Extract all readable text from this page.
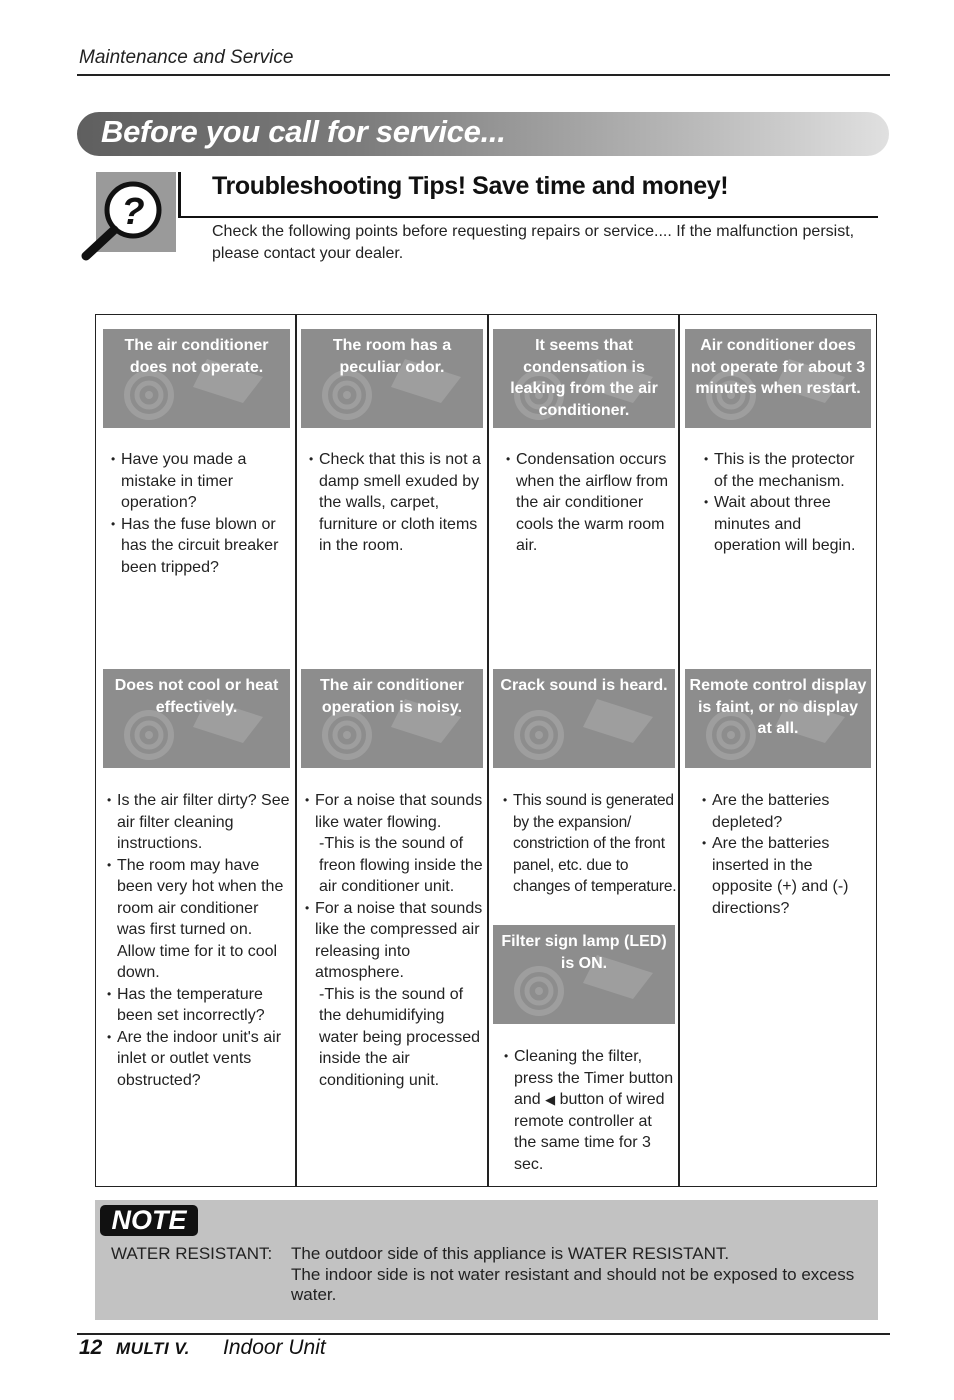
Maintenance and Service
Before you call for service...
?
Troubleshooting Tips! Save time and money!
Check the following points before requesting repairs or service.... If the malfunction persist, please contact your dealer.
The air conditioner does not operate.
The room has a peculiar odor.
It seems that condensation is leaking from the air conditioner.
Air conditioner does not operate for about 3 minutes when restart.
• Have you made a mistake in timer operation?
• Has the fuse blown or has the circuit breaker been tripped?
• Check that this is not a damp smell exuded by the walls, carpet, furniture or cloth items in the room.
• Condensation occurs when the airflow from the air conditioner cools the warm room air.
• This is the protector of the mechanism.
• Wait about three minutes and operation will begin.
Does not cool or heat effectively.
The air conditioner operation is noisy.
Crack sound is heard.	Remote control display is faint, or no display at all.
• Is the air filter dirty? See air filter cleaning instructions.
• The room may have been very hot when the room air conditioner was first turned on. Allow time for it to cool down.
• Has the temperature been set incorrectly?
• Are the indoor unit's air inlet or outlet vents obstructed?
• For a noise that sounds like water flowing.
-This is the sound of freon flowing inside the air conditioner unit.
• For a noise that sounds like the compressed air releasing into atmosphere.
-This is the sound of the dehumidifying water being processed inside the air conditioning unit.
• This sound is generated by the expansion/ constriction of the front panel, etc. due to changes of temperature.
• Are the batteries depleted?
• Are the batteries inserted in the opposite (+) and (-) directions?
Filter sign lamp (LED) is ON.
• Cleaning the filter, press the Timer button and ◀ button of wired remote controller at the same time for 3 sec.
NOTE
WATER RESISTANT: The outdoor side of this appliance is WATER RESISTANT.
The indoor side is not water resistant and should not be exposed to excess water.
12 MULTI V. Indoor Unit
